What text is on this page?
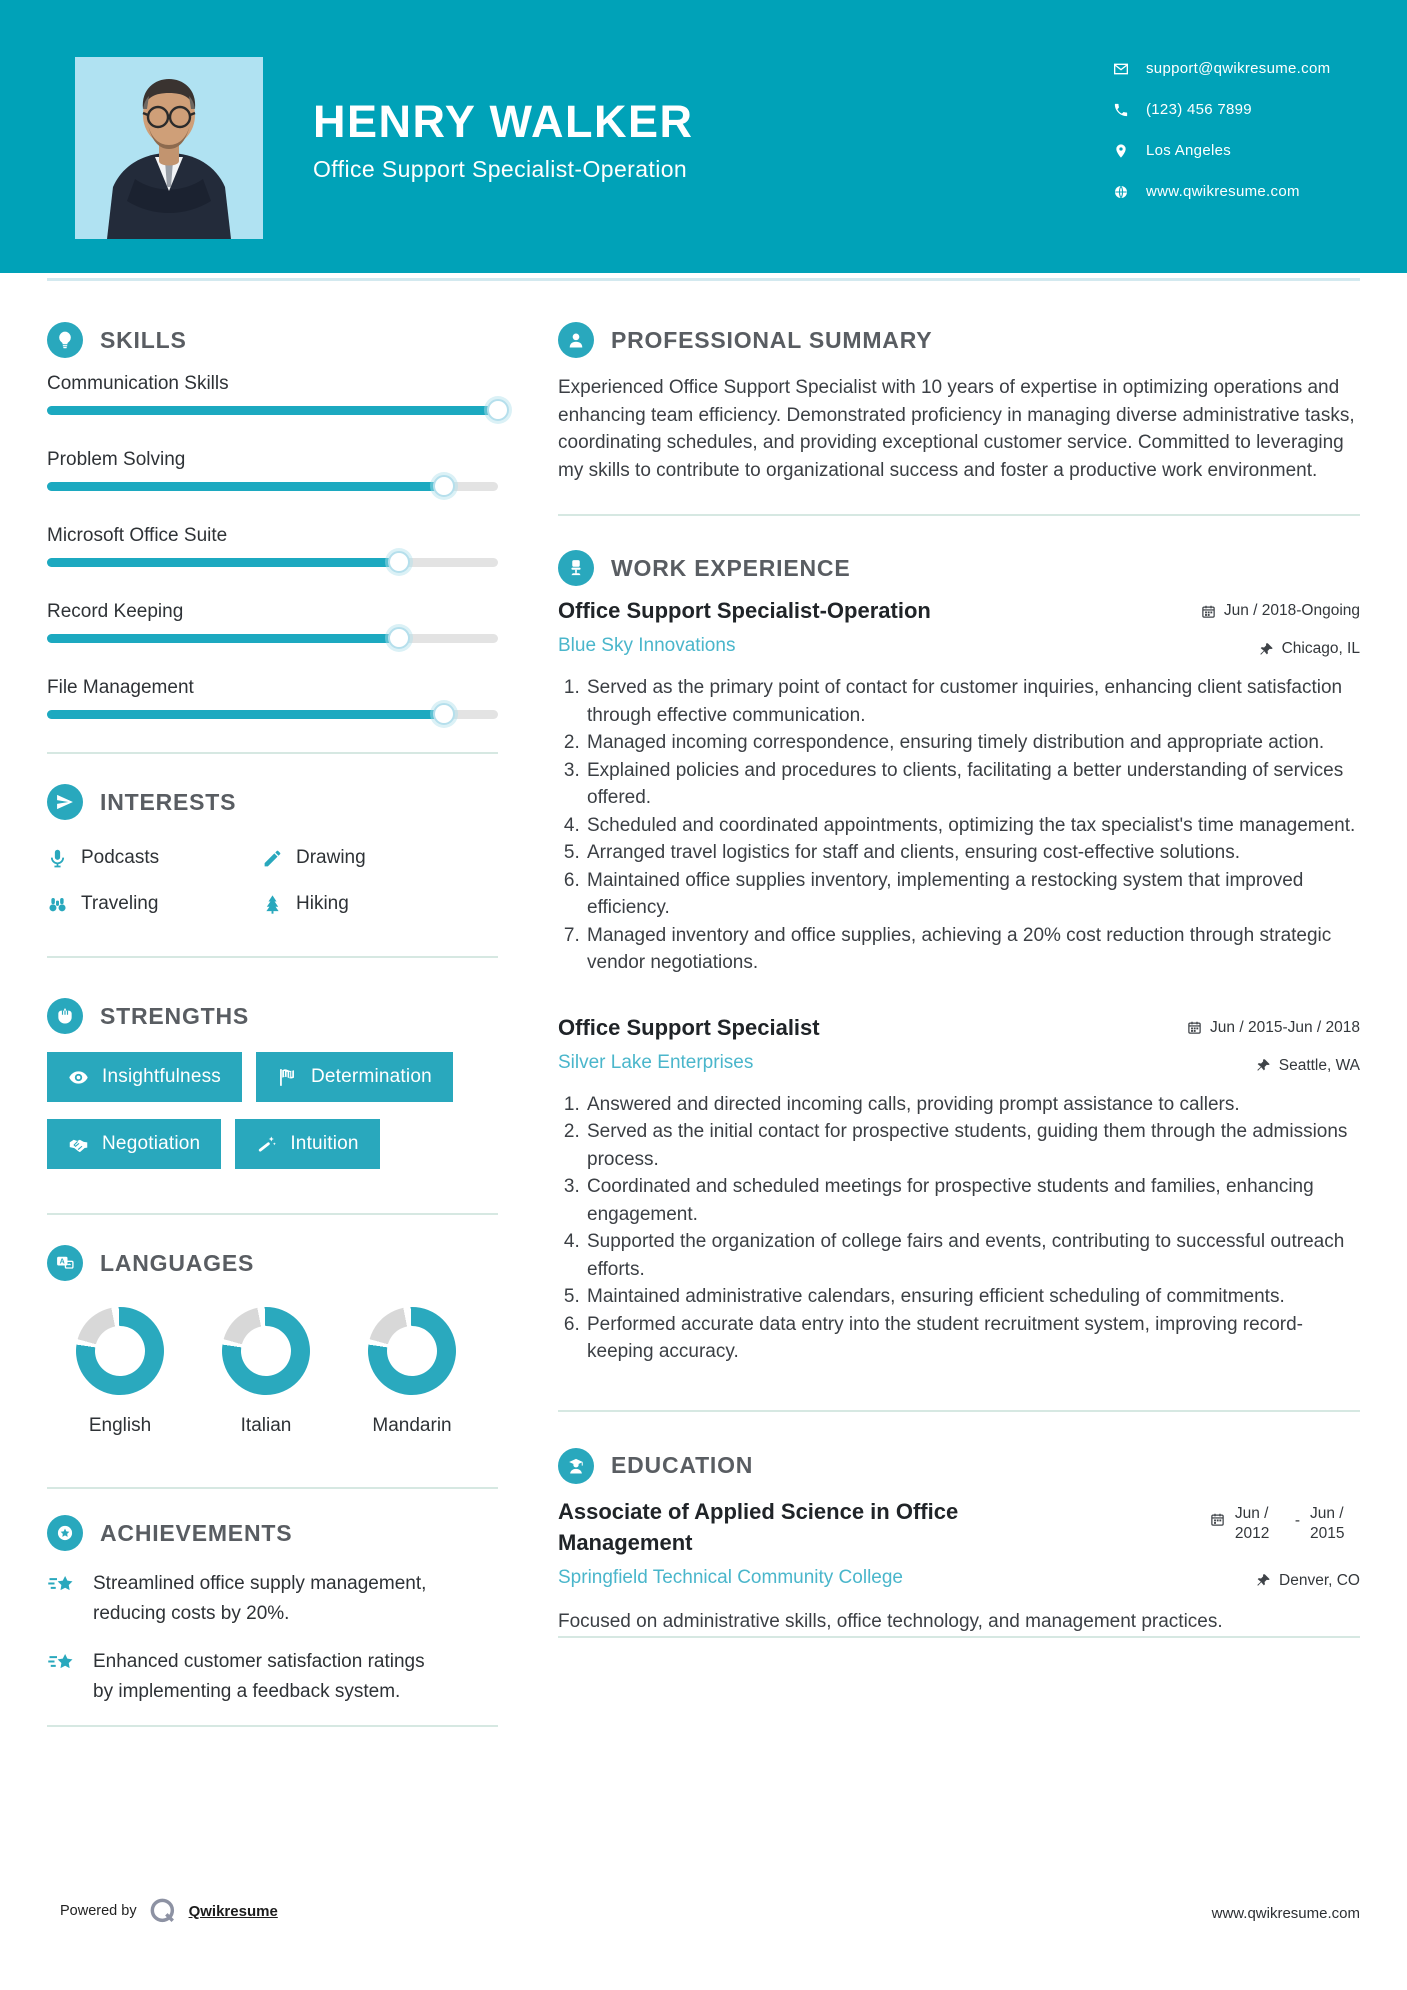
HENRY WALKER
Office Support Specialist-Operation
support@qwikresume.com
(123) 456 7899
Los Angeles
www.qwikresume.com
SKILLS
Communication Skills
Problem Solving
Microsoft Office Suite
Record Keeping
File Management
INTERESTS
Podcasts	Drawing
Traveling	Hiking
STRENGTHS
Insightfulness	Determination
Negotiation	Intuition
A LANGUAGES
English	Italian	Mandarin
ACHIEVEMENTS
Streamlined office supply management, reducing costs by 20%.
Enhanced customer satisfaction ratings by implementing a feedback system.
PROFESSIONAL SUMMARY
Experienced Office Support Specialist with 10 years of expertise in optimizing operations and enhancing team efficiency. Demonstrated proficiency in managing diverse administrative tasks, coordinating schedules, and providing exceptional customer service. Committed to leveraging my skills to contribute to organizational success and foster a productive work environment.
WORK EXPERIENCE
Office Support Specialist-Operation	Jun / 2018-Ongoing
Blue Sky Innovations	Chicago, IL
1. Served as the primary point of contact for customer inquiries, enhancing client satisfaction through effective communication.
2. Managed incoming correspondence, ensuring timely distribution and appropriate action.
3. Explained policies and procedures to clients, facilitating a better understanding of services offered.
4. Scheduled and coordinated appointments, optimizing the tax specialist's time management.
5. Arranged travel logistics for staff and clients, ensuring cost-effective solutions.
6. Maintained office supplies inventory, implementing a restocking system that improved efficiency.
7. Managed inventory and office supplies, achieving a 20% cost reduction through strategic vendor negotiations.
Office Support Specialist	Jun / 2015-Jun / 2018
Silver Lake Enterprises	Seattle, WA
1. Answered and directed incoming calls, providing prompt assistance to callers.
2. Served as the initial contact for prospective students, guiding them through the admissions process.
3. Coordinated and scheduled meetings for prospective students and families, enhancing engagement.
4. Supported the organization of college fairs and events, contributing to successful outreach efforts.
5. Maintained administrative calendars, ensuring efficient scheduling of commitments.
6. Performed accurate data entry into the student recruitment system, improving record-keeping accuracy.
EDUCATION
Associate of Applied Science in Office Management
Jun / 2012
- Jun / 2015
Springfield Technical Community College	Denver, CO
Focused on administrative skills, office technology, and management practices.
Powered by	Qwikresume	www.qwikresume.com
